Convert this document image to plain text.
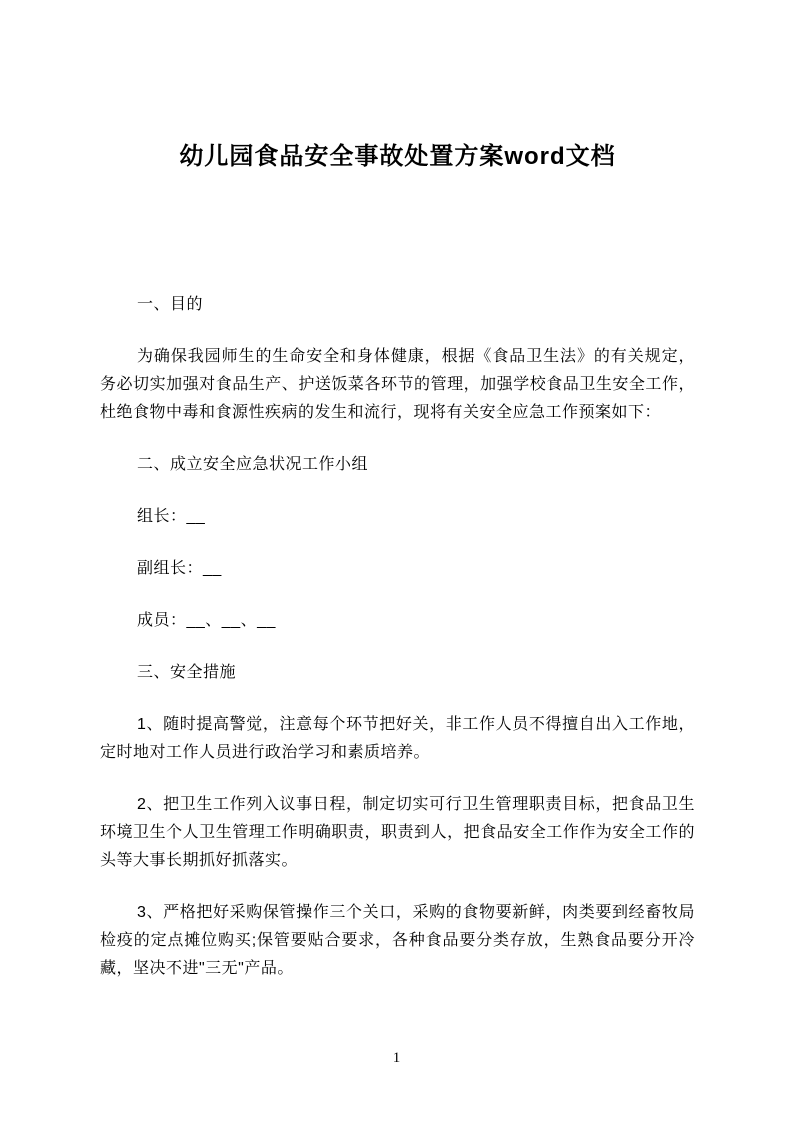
幼儿园食品安全事故处置方案word文档

一、目的

为确保我园师生的生命安全和身体健康，根据《食品卫生法》的有关规定，务必切实加强对食品生产、护送饭菜各环节的管理，加强学校食品卫生安全工作，杜绝食物中毒和食源性疾病的发生和流行，现将有关安全应急工作预案如下：

二、成立安全应急状况工作小组

组长：__

副组长：__

成员：__、__、__

三、安全措施

1、随时提高警觉，注意每个环节把好关，非工作人员不得擅自出入工作地，定时地对工作人员进行政治学习和素质培养。

2、把卫生工作列入议事日程，制定切实可行卫生管理职责目标，把食品卫生环境卫生个人卫生管理工作明确职责，职责到人，把食品安全工作作为安全工作的头等大事长期抓好抓落实。

3、严格把好采购保管操作三个关口，采购的食物要新鲜，肉类要到经畜牧局检疫的定点摊位购买;保管要贴合要求，各种食品要分类存放，生熟食品要分开冷藏，坚决不进"三无"产品。

1
